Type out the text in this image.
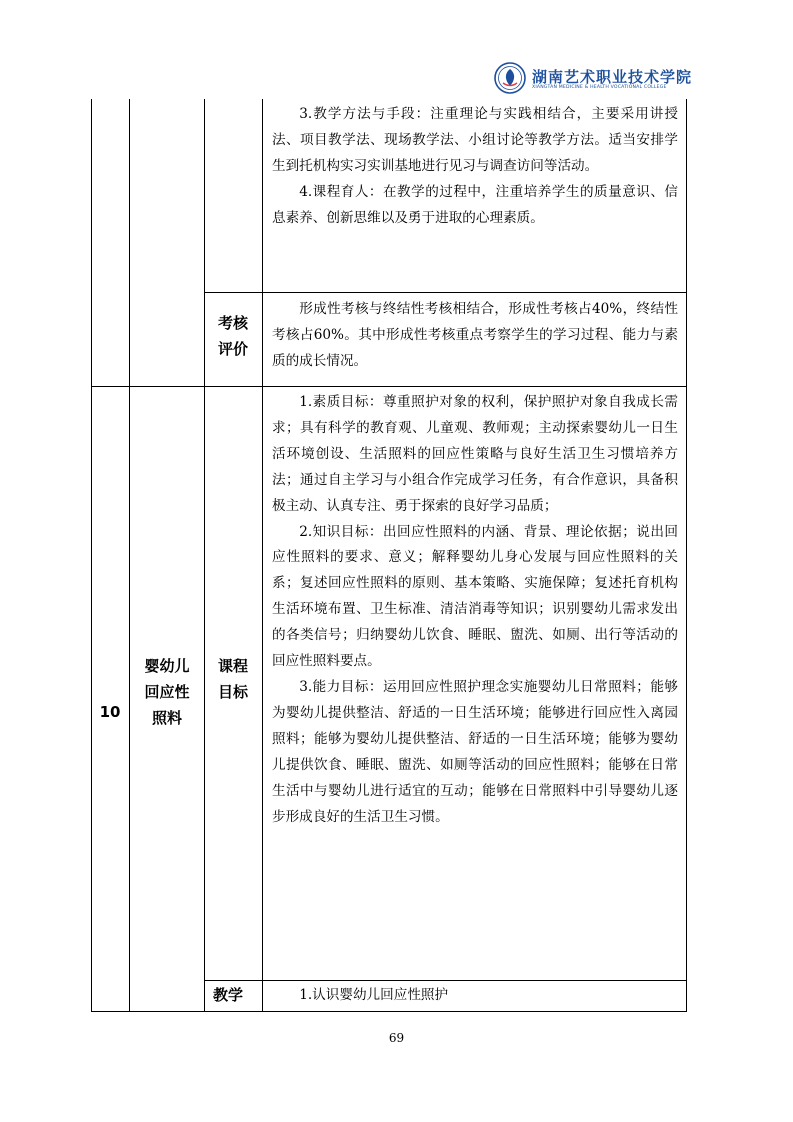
湖南艺术职业技术学院
XIANGTAN MEDICINE & HEALTH VOCATIONAL COLLEGE

3.教学方法与手段：注重理论与实践相结合，主要采用讲授法、项目教学法、现场教学法、小组讨论等教学方法。适当安排学生到托机构实习实训基地进行见习与调查访问等活动。

4.课程育人：在教学的过程中，注重培养学生的质量意识、信息素养、创新思维以及勇于进取的心理素质。

考核评价

形成性考核与终结性考核相结合，形成性考核占40%，终结性考核占60%。其中形成性考核重点考察学生的学习过程、能力与素质的成长情况。

10
婴幼儿回应性照料
课程目标

1.素质目标：尊重照护对象的权利，保护照护对象自我成长需求；具有科学的教育观、儿童观、教师观；主动探索婴幼儿一日生活环境创设、生活照料的回应性策略与良好生活卫生习惯培养方法；通过自主学习与小组合作完成学习任务，有合作意识，具备积极主动、认真专注、勇于探索的良好学习品质；

2.知识目标：出回应性照料的内涵、背景、理论依据；说出回应性照料的要求、意义；解释婴幼儿身心发展与回应性照料的关系；复述回应性照料的原则、基本策略、实施保障；复述托育机构生活环境布置、卫生标准、清洁消毒等知识；识别婴幼儿需求发出的各类信号；归纳婴幼儿饮食、睡眠、盥洗、如厕、出行等活动的回应性照料要点。

3.能力目标：运用回应性照护理念实施婴幼儿日常照料；能够为婴幼儿提供整洁、舒适的一日生活环境；能够进行回应性入离园照料；能够为婴幼儿提供整洁、舒适的一日生活环境；能够为婴幼儿提供饮食、睡眠、盥洗、如厕等活动的回应性照料；能够在日常生活中与婴幼儿进行适宜的互动；能够在日常照料中引导婴幼儿逐步形成良好的生活卫生习惯。

教学	1.认识婴幼儿回应性照护

69
